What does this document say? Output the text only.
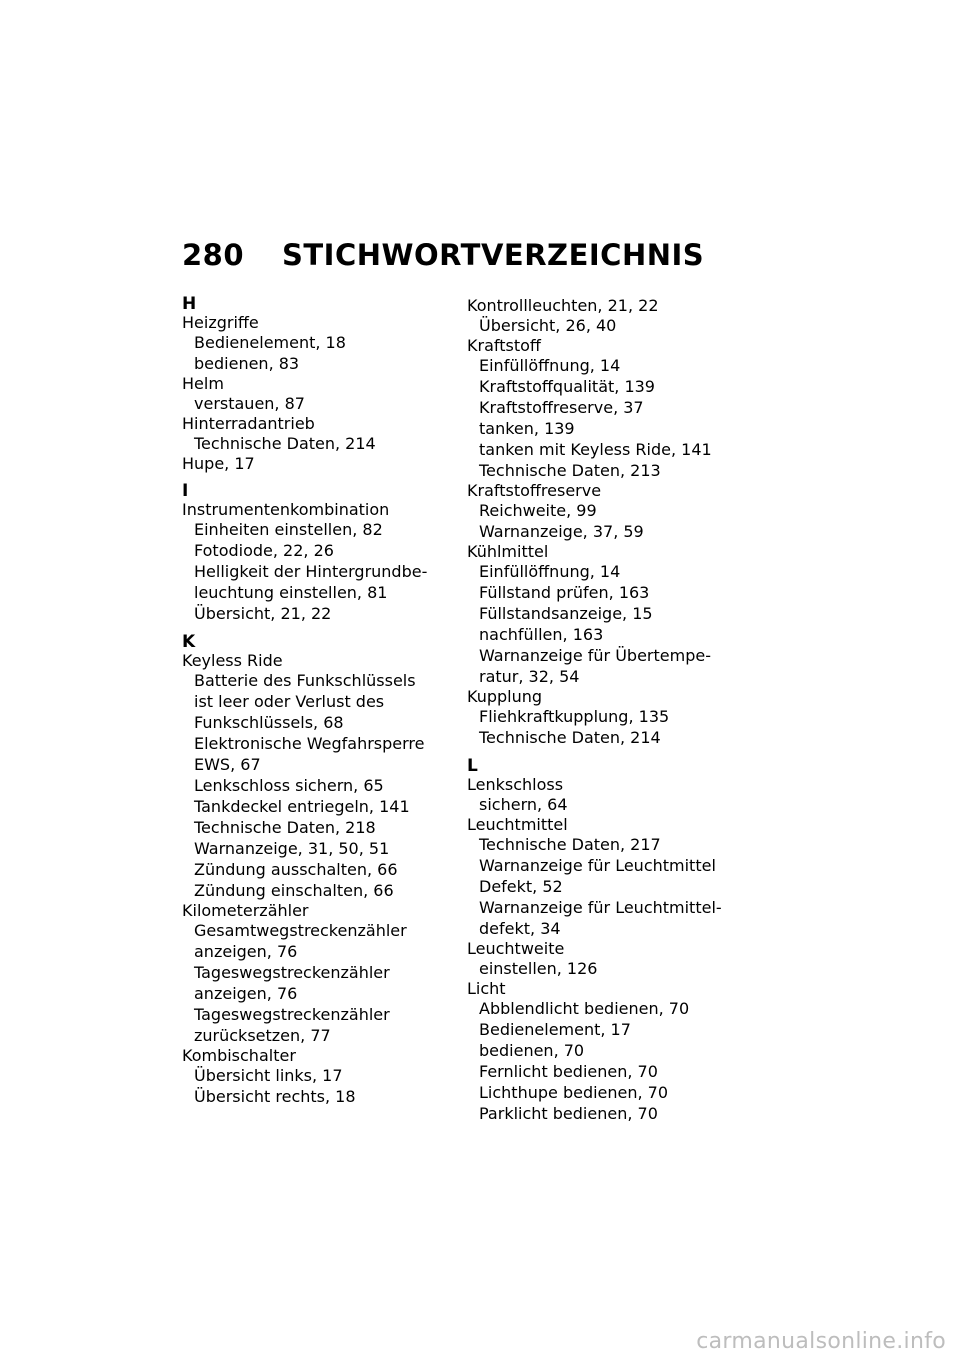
280 STICHWORTVERZEICHNIS
H
Heizgriffe
Bedienelement, 18
bedienen, 83
Helm
verstauen, 87
Hinterradantrieb
Technische Daten, 214
Hupe, 17
I
Instrumentenkombination
Einheiten einstellen, 82
Fotodiode, 22, 26
Helligkeit der Hintergrundbe-
leuchtung einstellen, 81
Übersicht, 21, 22
K
Keyless Ride
Batterie des Funkschlüssels
ist leer oder Verlust des
Funkschlüssels, 68
Elektronische Wegfahrsperre
EWS, 67
Lenkschloss sichern, 65
Tankdeckel entriegeln, 141
Technische Daten, 218
Warnanzeige, 31, 50, 51
Zündung ausschalten, 66
Zündung einschalten, 66
Kilometerzähler
Gesamtwegstreckenzähler
anzeigen, 76
Tageswegstreckenzähler
anzeigen, 76
Tageswegstreckenzähler
zurücksetzen, 77
Kombischalter
Übersicht links, 17
Übersicht rechts, 18
Kontrollleuchten, 21, 22
Übersicht, 26, 40
Kraftstoff
Einfüllöffnung, 14
Kraftstoffqualität, 139
Kraftstoffreserve, 37
tanken, 139
tanken mit Keyless Ride, 141
Technische Daten, 213
Kraftstoffreserve
Reichweite, 99
Warnanzeige, 37, 59
Kühlmittel
Einfüllöffnung, 14
Füllstand prüfen, 163
Füllstandsanzeige, 15
nachfüllen, 163
Warnanzeige für Übertempe-
ratur, 32, 54
Kupplung
Fliehkraftkupplung, 135
Technische Daten, 214
L
Lenkschloss
sichern, 64
Leuchtmittel
Technische Daten, 217
Warnanzeige für Leuchtmittel
Defekt, 52
Warnanzeige für Leuchtmittel-
defekt, 34
Leuchtweite
einstellen, 126
Licht
Abblendlicht bedienen, 70
Bedienelement, 17
bedienen, 70
Fernlicht bedienen, 70
Lichthupe bedienen, 70
Parklicht bedienen, 70
carmanualsonline.info
